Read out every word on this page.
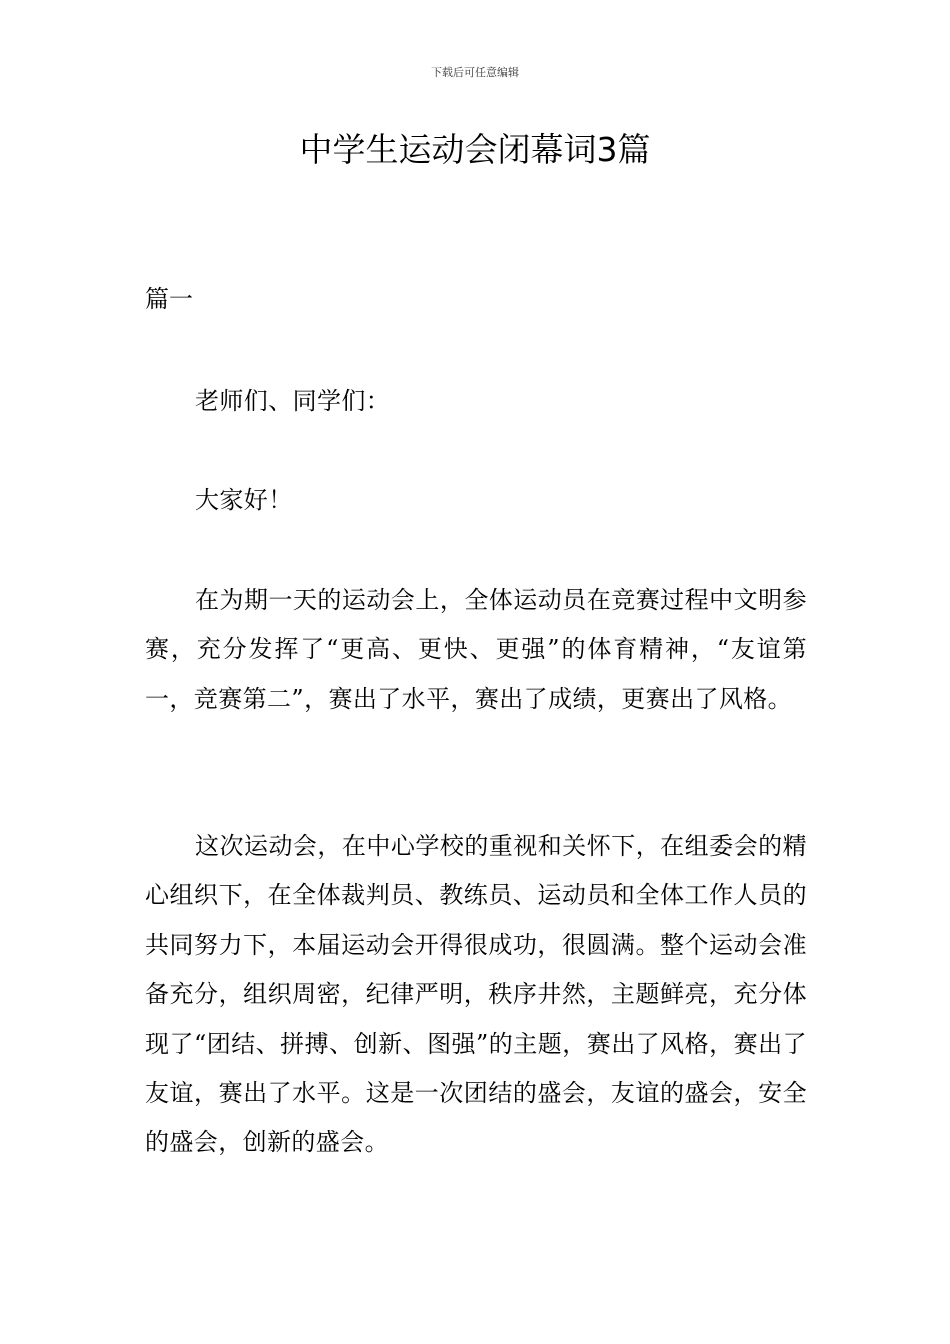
下载后可任意编辑
中学生运动会闭幕词3篇
篇一

老师们、同学们：

大家好！

在为期一天的运动会上，全体运动员在竞赛过程中文明参赛，充分发挥了“更高、更快、更强”的体育精神，“友谊第一，竞赛第二”，赛出了水平，赛出了成绩，更赛出了风格。

这次运动会，在中心学校的重视和关怀下，在组委会的精心组织下，在全体裁判员、教练员、运动员和全体工作人员的共同努力下，本届运动会开得很成功，很圆满。整个运动会准备充分，组织周密，纪律严明，秩序井然，主题鲜亮，充分体现了“团结、拼搏、创新、图强”的主题，赛出了风格，赛出了友谊，赛出了水平。这是一次团结的盛会，友谊的盛会，安全的盛会，创新的盛会。
